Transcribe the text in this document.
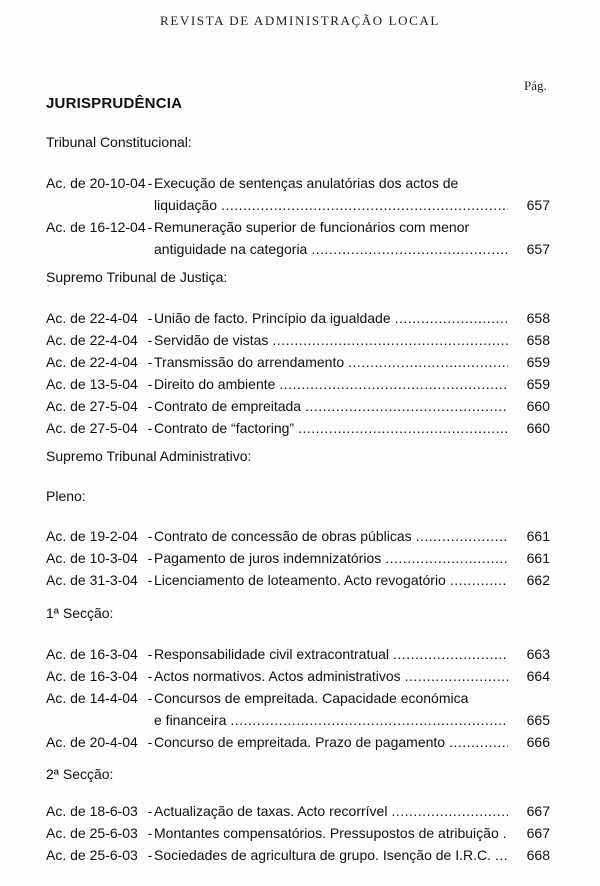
REVISTA DE ADMINISTRAÇÃO LOCAL
Pág.
JURISPRUDÊNCIA
Tribunal Constitucional:
Ac. de 20-10-04 - Execução de sentenças anulatórias dos actos de
liquidação .....	657
Ac. de 16-12-04 - Remuneração superior de funcionários com menor
antiguidade na categoria .....	657
Supremo Tribunal de Justiça:
Ac. de 22-4-04 - União de facto. Princípio da igualdade .....	658
Ac. de 22-4-04 - Servidão de vistas .....	658
Ac. de 22-4-04 - Transmissão do arrendamento .....	659
Ac. de 13-5-04 - Direito do ambiente .....	659
Ac. de 27-5-04 - Contrato de empreitada .....	660
Ac. de 27-5-04 - Contrato de “factoring” .....	660
Supremo Tribunal Administrativo:
Pleno:
Ac. de 19-2-04 - Contrato de concessão de obras públicas .....	661
Ac. de 10-3-04 - Pagamento de juros indemnizatórios .....	661
Ac. de 31-3-04 - Licenciamento de loteamento. Acto revogatório .....	662
1ª Secção:
Ac. de 16-3-04 - Responsabilidade civil extracontratual .....	663
Ac. de 16-3-04 - Actos normativos. Actos administrativos .....	664
Ac. de 14-4-04 - Concursos de empreitada. Capacidade económica
e financeira .....	665
Ac. de 20-4-04 - Concurso de empreitada. Prazo de pagamento .....	666
2ª Secção:
Ac. de 18-6-03 - Actualização de taxas. Acto recorrível .....	667
Ac. de 25-6-03 - Montantes compensatórios. Pressupostos de atribuição .....	667
Ac. de 25-6-03 - Sociedades de agricultura de grupo. Isenção de I.R.C. .....	668
